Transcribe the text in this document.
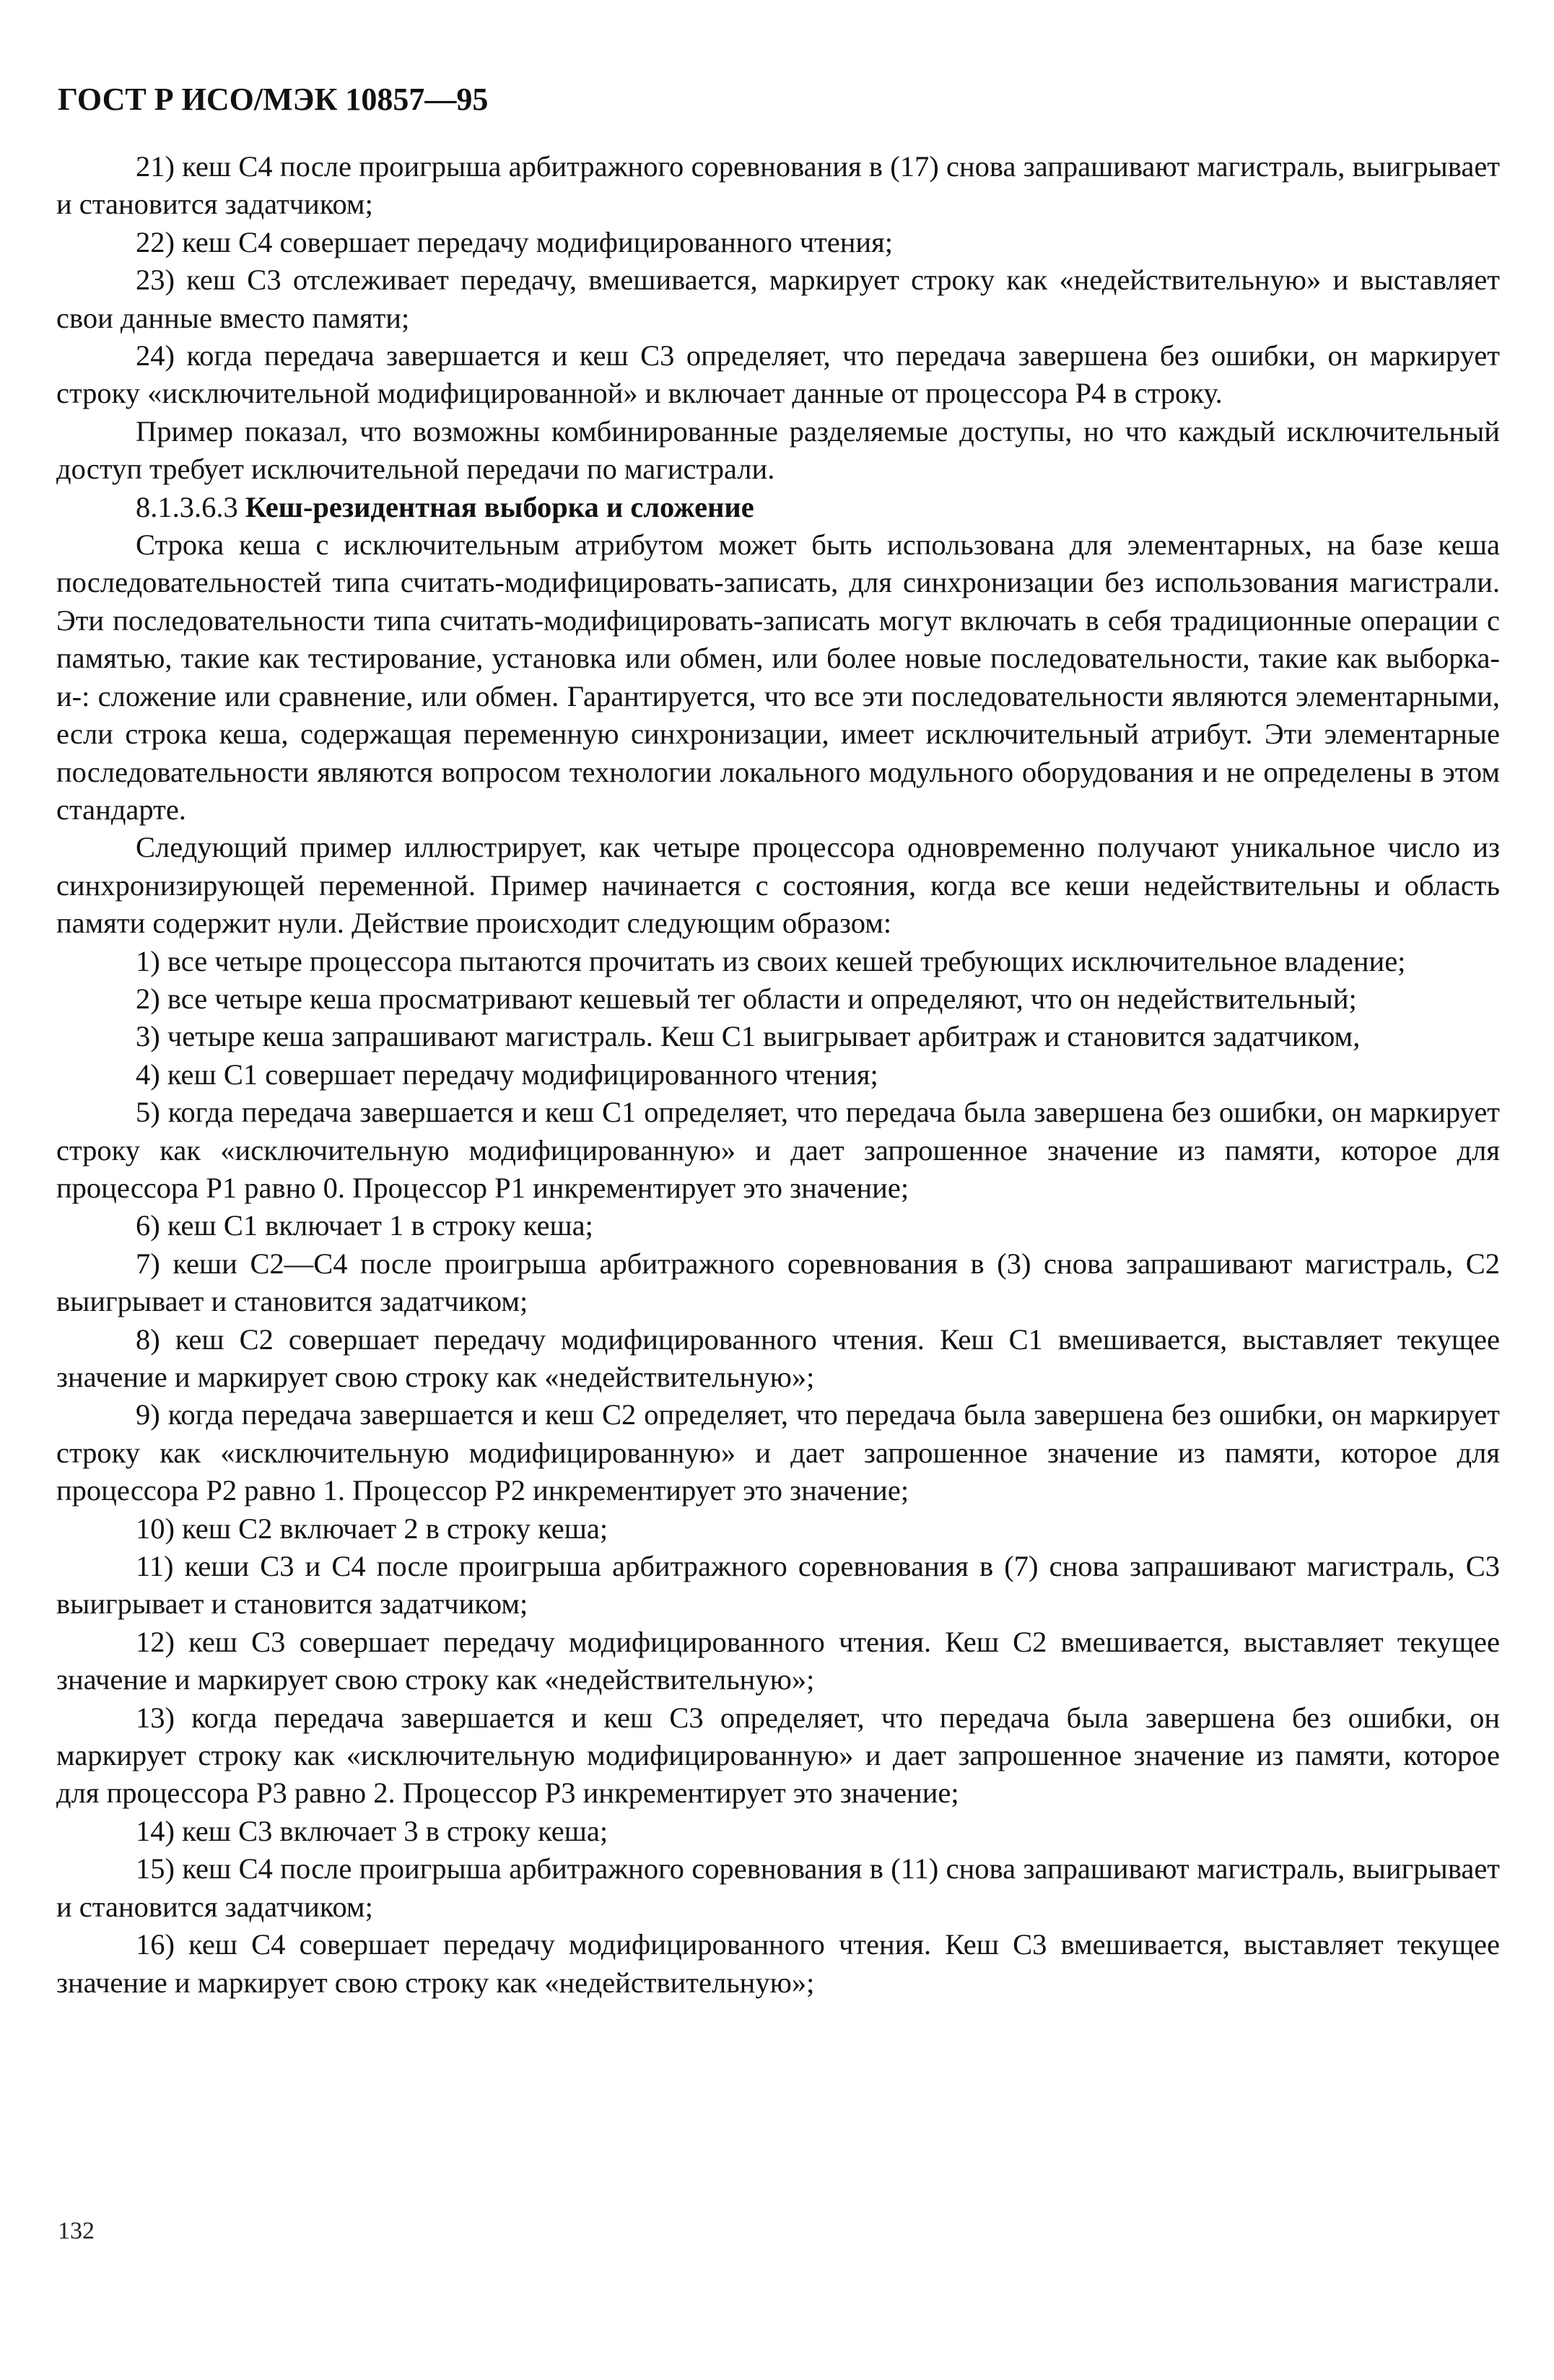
ГОСТ Р ИСО/МЭК 10857—95

21) кеш С4 после проигрыша арбитражного соревнования в (17) снова запрашивают магистраль, выигрывает и становится задатчиком;

22) кеш С4 совершает передачу модифицированного чтения;

23) кеш С3 отслеживает передачу, вмешивается, маркирует строку как «недействительную» и выставляет свои данные вместо памяти;

24) когда передача завершается и кеш С3 определяет, что передача завершена без ошибки, он маркирует строку «исключительной модифицированной» и включает данные от процессора Р4 в строку.

Пример показал, что возможны комбинированные разделяемые доступы, но что каждый исключительный доступ требует исключительной передачи по магистрали.

8.1.3.6.3 Кеш-резидентная выборка и сложение

Строка кеша с исключительным атрибутом может быть использована для элементарных, на базе кеша последовательностей типа считать-модифицировать-записать, для синхронизации без использования магистрали. Эти последовательности типа считать-модифицировать-записать могут включать в себя традиционные операции с памятью, такие как тестирование, установка или обмен, или более новые последовательности, такие как выборка-и-: сложение или сравнение, или обмен. Гарантируется, что все эти последовательности являются элементарными, если строка кеша, содержащая переменную синхронизации, имеет исключительный атрибут. Эти элементарные последовательности являются вопросом технологии локального модульного оборудования и не определены в этом стандарте.

Следующий пример иллюстрирует, как четыре процессора одновременно получают уникальное число из синхронизирующей переменной. Пример начинается с состояния, когда все кеши недействительны и область памяти содержит нули. Действие происходит следующим образом:

1) все четыре процессора пытаются прочитать из своих кешей требующих исключительное владение;

2) все четыре кеша просматривают кешевый тег области и определяют, что он недействительный;

3) четыре кеша запрашивают магистраль. Кеш С1 выигрывает арбитраж и становится задатчиком,

4) кеш С1 совершает передачу модифицированного чтения;

5) когда передача завершается и кеш С1 определяет, что передача была завершена без ошибки, он маркирует строку как «исключительную модифицированную» и дает запрошенное значение из памяти, которое для процессора Р1 равно 0. Процессор Р1 инкрементирует это значение;

6) кеш С1 включает 1 в строку кеша;

7) кеши С2—С4 после проигрыша арбитражного соревнования в (3) снова запрашивают магистраль, С2 выигрывает и становится задатчиком;

8) кеш С2 совершает передачу модифицированного чтения. Кеш С1 вмешивается, выставляет текущее значение и маркирует свою строку как «недействительную»;

9) когда передача завершается и кеш С2 определяет, что передача была завершена без ошибки, он маркирует строку как «исключительную модифицированную» и дает запрошенное значение из памяти, которое для процессора Р2 равно 1. Процессор Р2 инкрементирует это значение;

10) кеш С2 включает 2 в строку кеша;

11) кеши С3 и С4 после проигрыша арбитражного соревнования в (7) снова запрашивают магистраль, С3 выигрывает и становится задатчиком;

12) кеш С3 совершает передачу модифицированного чтения. Кеш С2 вмешивается, выставляет текущее значение и маркирует свою строку как «недействительную»;

13) когда передача завершается и кеш С3 определяет, что передача была завершена без ошибки, он маркирует строку как «исключительную модифицированную» и дает запрошенное значение из памяти, которое для процессора Р3 равно 2. Процессор Р3 инкрементирует это значение;

14) кеш С3 включает 3 в строку кеша;

15) кеш С4 после проигрыша арбитражного соревнования в (11) снова запрашивают магистраль, выигрывает и становится задатчиком;

16) кеш С4 совершает передачу модифицированного чтения. Кеш С3 вмешивается, выставляет текущее значение и маркирует свою строку как «недействительную»;

132
